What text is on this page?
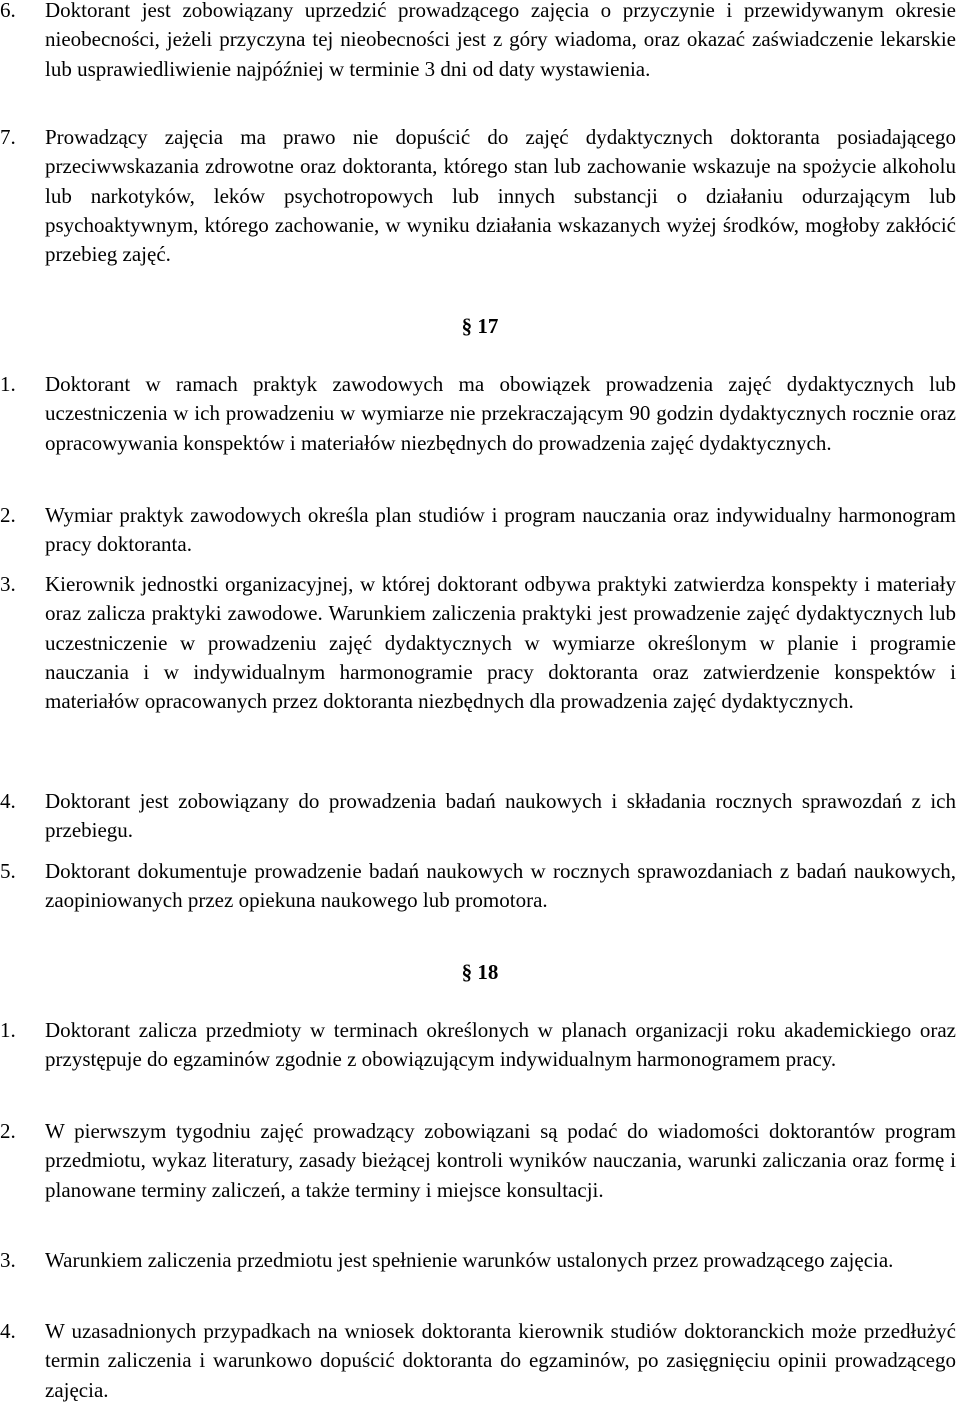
6.	Doktorant jest zobowiązany uprzedzić prowadzącego zajęcia o przyczynie i przewidywanym okresie nieobecności, jeżeli przyczyna tej nieobecności jest z góry wiadoma, oraz okazać zaświadczenie lekarskie lub usprawiedliwienie najpóźniej w terminie 3 dni od daty wystawienia.
7.	Prowadzący zajęcia ma prawo nie dopuścić do zajęć dydaktycznych doktoranta posiadającego przeciwwskazania zdrowotne oraz doktoranta, którego stan lub zachowanie wskazuje na spożycie alkoholu lub narkotyków, leków psychotropowych lub innych substancji o działaniu odurzającym lub psychoaktywnym, którego zachowanie, w wyniku działania wskazanych wyżej środków, mogłoby zakłócić przebieg zajęć.
§ 17
1.	Doktorant w ramach praktyk zawodowych ma obowiązek prowadzenia zajęć dydaktycznych lub uczestniczenia w ich prowadzeniu w wymiarze nie przekraczającym 90 godzin dydaktycznych rocznie oraz opracowywania konspektów i materiałów niezbędnych do prowadzenia zajęć dydaktycznych.
2.	Wymiar praktyk zawodowych określa plan studiów i program nauczania oraz indywidualny harmonogram pracy doktoranta.
3.	Kierownik jednostki organizacyjnej, w której doktorant odbywa praktyki zatwierdza konspekty i materiały oraz zalicza praktyki zawodowe. Warunkiem zaliczenia praktyki jest prowadzenie zajęć dydaktycznych lub uczestniczenie w prowadzeniu zajęć dydaktycznych w wymiarze określonym w planie i programie nauczania i w indywidualnym harmonogramie pracy doktoranta oraz zatwierdzenie konspektów i materiałów opracowanych przez doktoranta niezbędnych dla prowadzenia zajęć dydaktycznych.
4.	Doktorant jest zobowiązany do prowadzenia badań naukowych i składania rocznych sprawozdań z ich przebiegu.
5.	Doktorant dokumentuje prowadzenie badań naukowych w rocznych sprawozdaniach z badań naukowych, zaopiniowanych przez opiekuna naukowego lub promotora.
§ 18
1.	Doktorant zalicza przedmioty w terminach określonych w planach organizacji roku akademickiego oraz przystępuje do egzaminów zgodnie z obowiązującym indywidualnym harmonogramem pracy.
2.	W pierwszym tygodniu zajęć prowadzący zobowiązani są podać do wiadomości doktorantów program przedmiotu, wykaz literatury, zasady bieżącej kontroli wyników nauczania, warunki zaliczania oraz formę i planowane terminy zaliczeń, a także terminy i miejsce konsultacji.
3.	Warunkiem zaliczenia przedmiotu jest spełnienie warunków ustalonych przez prowadzącego zajęcia.
4.	W uzasadnionych przypadkach na wniosek doktoranta kierownik studiów doktoranckich może przedłużyć termin zaliczenia i warunkowo dopuścić doktoranta do egzaminów, po zasięgnięciu opinii prowadzącego zajęcia.
